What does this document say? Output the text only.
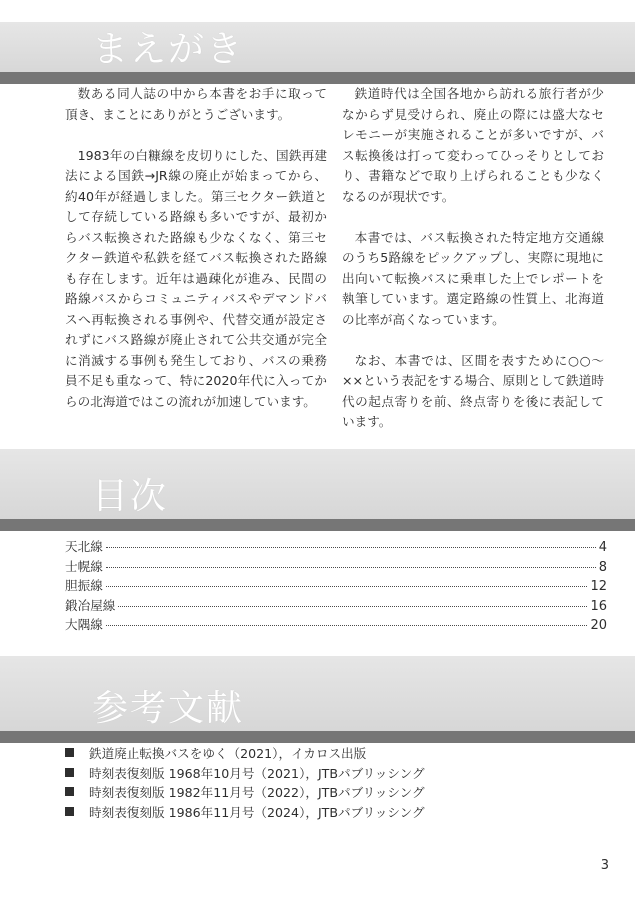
まえがき

数ある同人誌の中から本書をお手に取って頂き、まことにありがとうございます。

1983年の白糠線を皮切りにした、国鉄再建法による国鉄→JR線の廃止が始まってから、約40年が経過しました。第三セクター鉄道として存続している路線も多いですが、最初からバス転換された路線も少なくなく、第三セクター鉄道や私鉄を経てバス転換された路線も存在します。近年は過疎化が進み、民間の路線バスからコミュニティバスやデマンドバスへ再転換される事例や、代替交通が設定されずにバス路線が廃止されて公共交通が完全に消滅する事例も発生しており、バスの乗務員不足も重なって、特に2020年代に入ってからの北海道ではこの流れが加速しています。

鉄道時代は全国各地から訪れる旅行者が少なからず見受けられ、廃止の際には盛大なセレモニーが実施されることが多いですが、バス転換後は打って変わってひっそりとしており、書籍などで取り上げられることも少なくなるのが現状です。

本書では、バス転換された特定地方交通線のうち5路線をピックアップし、実際に現地に出向いて転換バスに乗車した上でレポートを執筆しています。選定路線の性質上、北海道の比率が高くなっています。

なお、本書では、区間を表すために○○～××という表記をする場合、原則として鉄道時代の起点寄りを前、終点寄りを後に表記しています。

目次
天北線	4
士幌線	8
胆振線	12
鍛冶屋線	16
大隅線	20
参考文献
鉄道廃止転換バスをゆく（2021），イカロス出版
時刻表復刻版 1968年10月号（2021），JTBパブリッシング
時刻表復刻版 1982年11月号（2022），JTBパブリッシング
時刻表復刻版 1986年11月号（2024），JTBパブリッシング
3
